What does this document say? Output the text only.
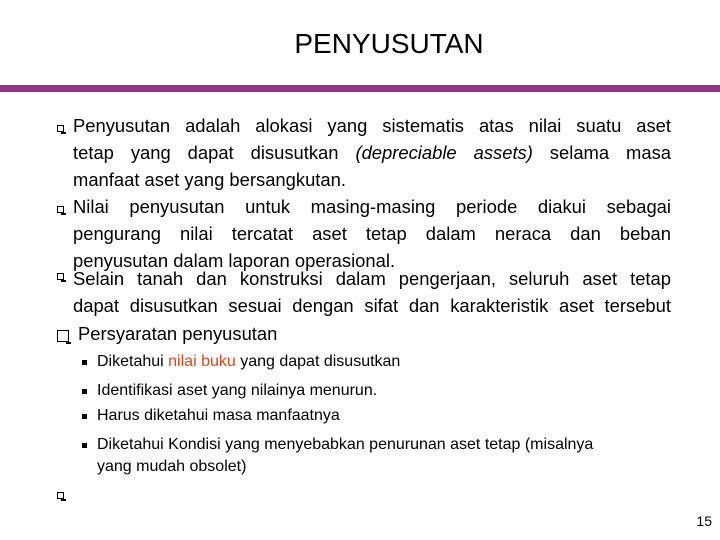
PENYUSUTAN
Penyusutan adalah alokasi yang sistematis atas nilai suatu aset
tetap yang dapat disusutkan (depreciable assets) selama masa
manfaat aset yang bersangkutan.
Nilai penyusutan untuk masing-masing periode diakui sebagai
pengurang nilai tercatat aset tetap dalam neraca dan beban
penyusutan dalam laporan operasional.
Selain tanah dan konstruksi dalam pengerjaan, seluruh aset tetap
dapat disusutkan sesuai dengan sifat dan karakteristik aset tersebut
Persyaratan penyusutan
Diketahui nilai buku yang dapat disusutkan
Identifikasi aset yang nilainya menurun.
Harus diketahui masa manfaatnya
Diketahui Kondisi yang menyebabkan penurunan aset tetap (misalnya
yang mudah obsolet)
15
